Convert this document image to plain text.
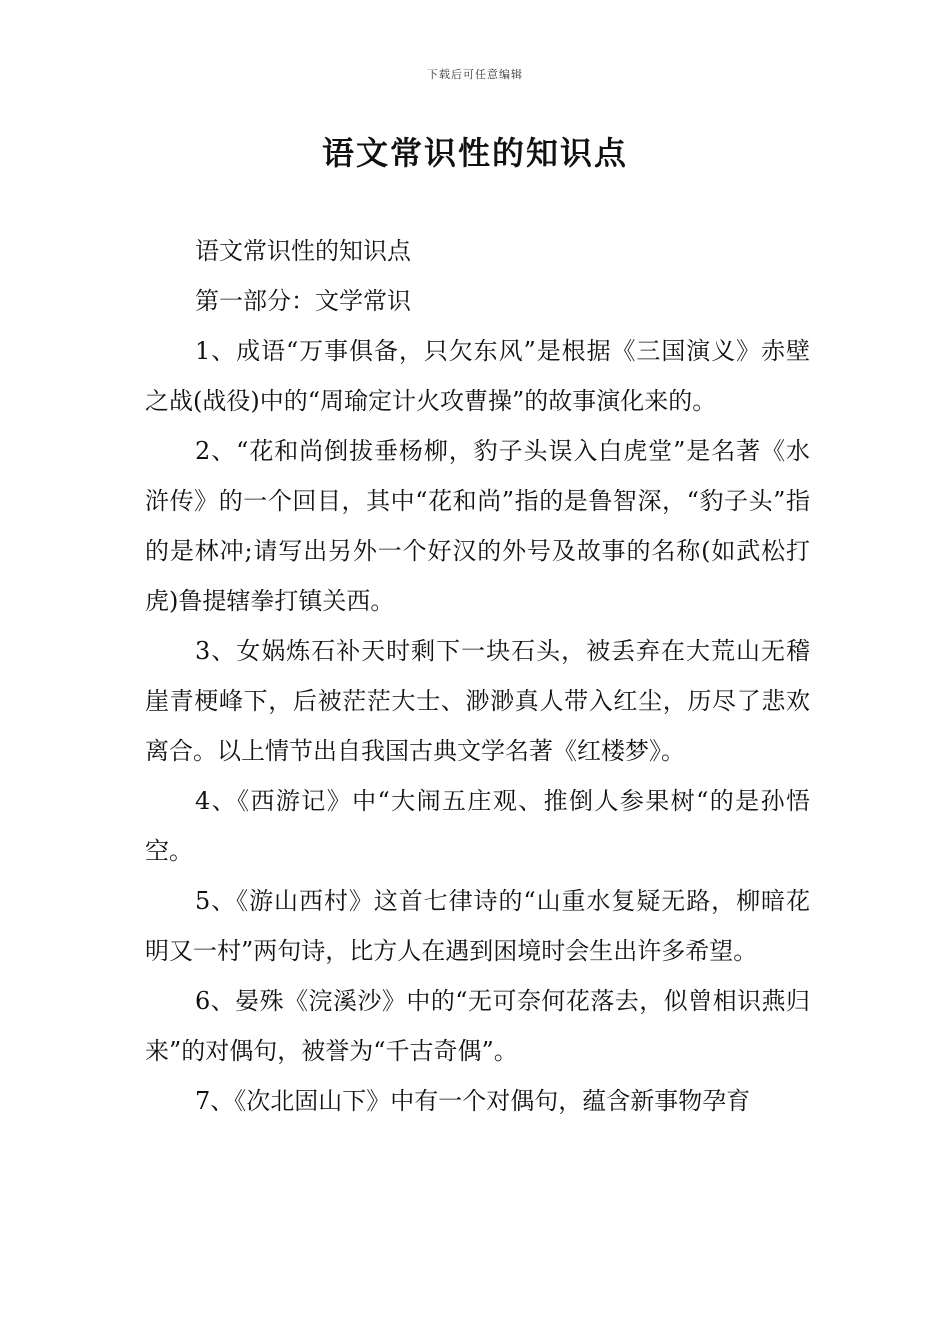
下载后可任意编辑
语文常识性的知识点

语文常识性的知识点

第一部分：文学常识

1、成语“万事俱备，只欠东风”是根据《三国演义》赤壁之战(战役)中的“周瑜定计火攻曹操”的故事演化来的。

2、“花和尚倒拔垂杨柳，豹子头误入白虎堂”是名著《水浒传》的一个回目，其中“花和尚”指的是鲁智深，“豹子头”指的是林冲;请写出另外一个好汉的外号及故事的名称(如武松打虎)鲁提辖拳打镇关西。

3、女娲炼石补天时剩下一块石头，被丢弃在大荒山无稽崖青梗峰下，后被茫茫大士、渺渺真人带入红尘，历尽了悲欢离合。以上情节出自我国古典文学名著《红楼梦》。

4、《西游记》中“大闹五庄观、推倒人参果树“的是孙悟空。

5、《游山西村》这首七律诗的“山重水复疑无路，柳暗花明又一村”两句诗，比方人在遇到困境时会生出许多希望。

6、晏殊《浣溪沙》中的“无可奈何花落去，似曾相识燕归来”的对偶句，被誉为“千古奇偶”。

7、《次北固山下》中有一个对偶句，蕴含新事物孕育
